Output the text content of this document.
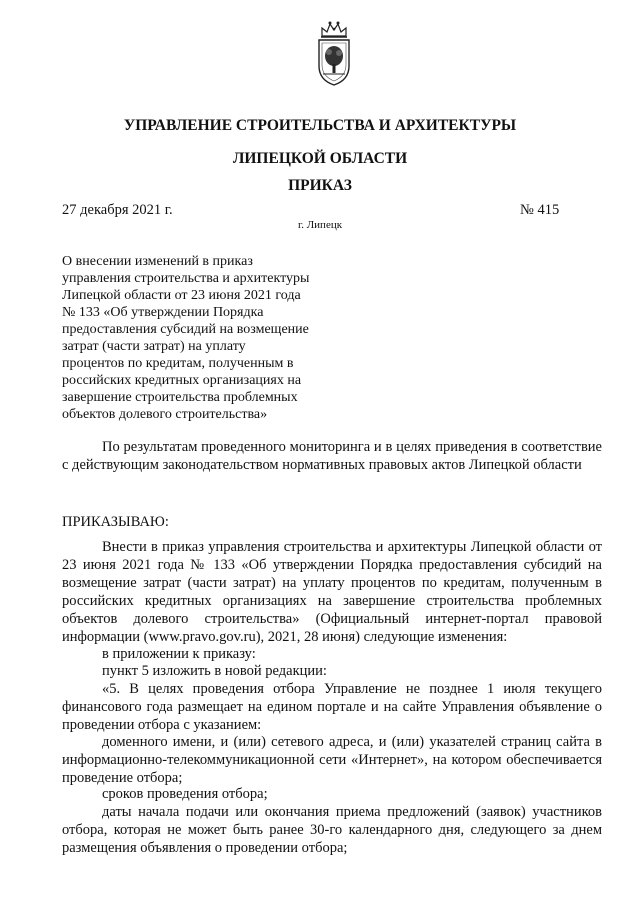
УПРАВЛЕНИЕ СТРОИТЕЛЬСТВА И АРХИТЕКТУРЫ
ЛИПЕЦКОЙ ОБЛАСТИ
ПРИКАЗ
27 декабря 2021 г.	№ 415
г. Липецк
О внесении изменений в приказ
управления строительства и архитектуры
Липецкой области от 23 июня 2021 года
№ 133 «Об утверждении Порядка
предоставления субсидий на возмещение
затрат (части затрат) на уплату
процентов по кредитам, полученным в
российских кредитных организациях на
завершение строительства проблемных
объектов долевого строительства»
По результатам проведенного мониторинга и в целях приведения в соответствие с действующим законодательством нормативных правовых актов Липецкой области
ПРИКАЗЫВАЮ:
Внести в приказ управления строительства и архитектуры Липецкой области от 23 июня 2021 года № 133 «Об утверждении Порядка предоставления субсидий на возмещение затрат (части затрат) на уплату процентов по кредитам, полученным в российских кредитных организациях на завершение строительства проблемных объектов долевого строительства» (Официальный интернет-портал правовой информации (www.pravo.gov.ru), 2021, 28 июня) следующие изменения:
в приложении к приказу:
пункт 5 изложить в новой редакции:
«5. В целях проведения отбора Управление не позднее 1 июля текущего финансового года размещает на едином портале и на сайте Управления объявление о проведении отбора с указанием:
доменного имени, и (или) сетевого адреса, и (или) указателей страниц сайта в информационно-телекоммуникационной сети «Интернет», на котором обеспечивается проведение отбора;
сроков проведения отбора;
даты начала подачи или окончания приема предложений (заявок) участников отбора, которая не может быть ранее 30-го календарного дня, следующего за днем размещения объявления о проведении отбора;
